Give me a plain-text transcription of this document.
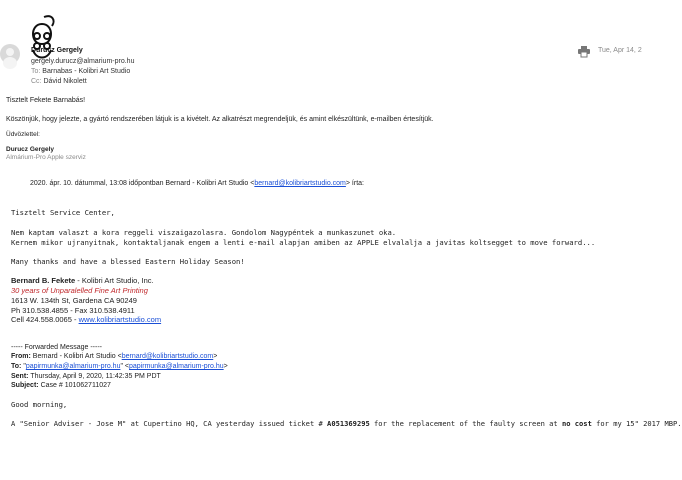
Durucz Gergely
gergely.durucz@almarium-pro.hu
To: Barnabas - Kolibri Art Studio
Cc: Dávid Nikolett
Tue, Apr 14, 2
Tisztelt Fekete Barnabás!
Köszönjük, hogy jelezte, a gyártó rendszerében látjuk is a kivételt. Az alkatrészt megrendeljük, és amint elkészültünk, e-mailben értesítjük.
Üdvözlettel:
Durucz Gergely
Almárium-Pro Apple szerviz
2020. ápr. 10. dátummal, 13:08 időpontban Bernard - Kolibri Art Studio <bernard@kolibriartstudio.com> írta:
Tisztelt Service Center,
Nem kaptam valaszt a kora reggeli viszaigazolasra. Gondolom Nagypéntek a munkaszunet oka.
Kernem mikor ujranyitnak, kontaktaljanak engem a lenti e-mail alapjan amiben az APPLE elvalalja a javitas koltsegget to move forward...
Many thanks and have a blessed Eastern Holiday Season!
Bernard B. Fekete - Kolibri Art Studio, Inc.
30 years of Unparalelled Fine Art Printing
1613 W. 134th St, Gardena CA 90249
Ph 310.538.4855 - Fax 310.538.4911
Cell 424.558.0065 - www.kolibriartstudio.com
----- Forwarded Message -----
From: Bernard - Kolibri Art Studio <bernard@kolibriartstudio.com>
To: "papirmunka@almarium-pro.hu" <papirmunka@almarium-pro.hu>
Sent: Thursday, April 9, 2020, 11:42:35 PM PDT
Subject: Case # 101062711027
Good morning,
A "Senior Adviser - Jose M" at Cupertino HQ, CA yesterday issued ticket # A051369295 for the replacement of the faulty screen at no cost for my 15" 2017 MBP.
